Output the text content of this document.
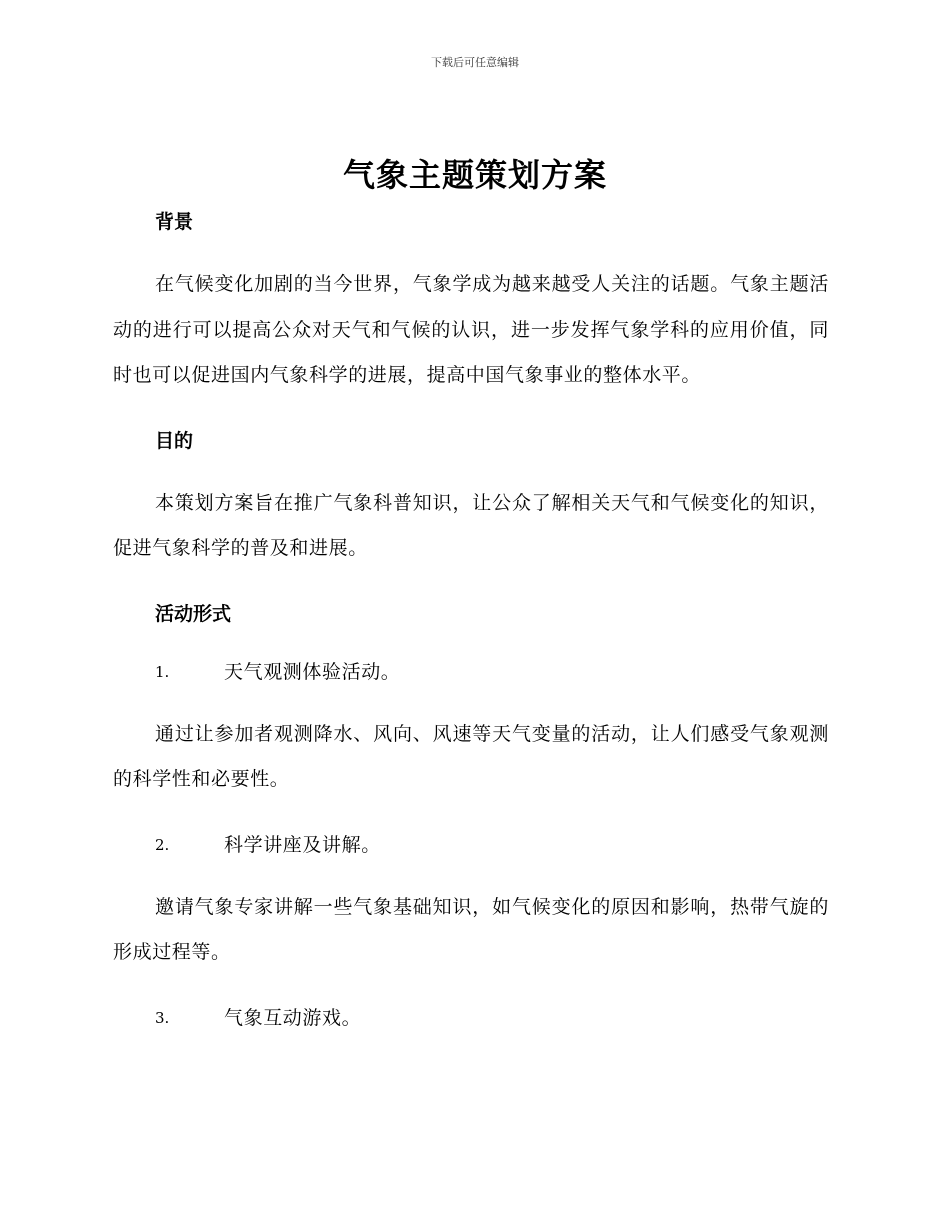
下载后可任意编辑
气象主题策划方案
背景

在气候变化加剧的当今世界，气象学成为越来越受人关注的话题。气象主题活动的进行可以提高公众对天气和气候的认识，进一步发挥气象学科的应用价值，同时也可以促进国内气象科学的进展，提高中国气象事业的整体水平。

目的

本策划方案旨在推广气象科普知识，让公众了解相关天气和气候变化的知识，促进气象科学的普及和进展。

活动形式
1.	天气观测体验活动。

通过让参加者观测降水、风向、风速等天气变量的活动，让人们感受气象观测的科学性和必要性。

2.	科学讲座及讲解。

邀请气象专家讲解一些气象基础知识，如气候变化的原因和影响，热带气旋的形成过程等。

3.	气象互动游戏。
